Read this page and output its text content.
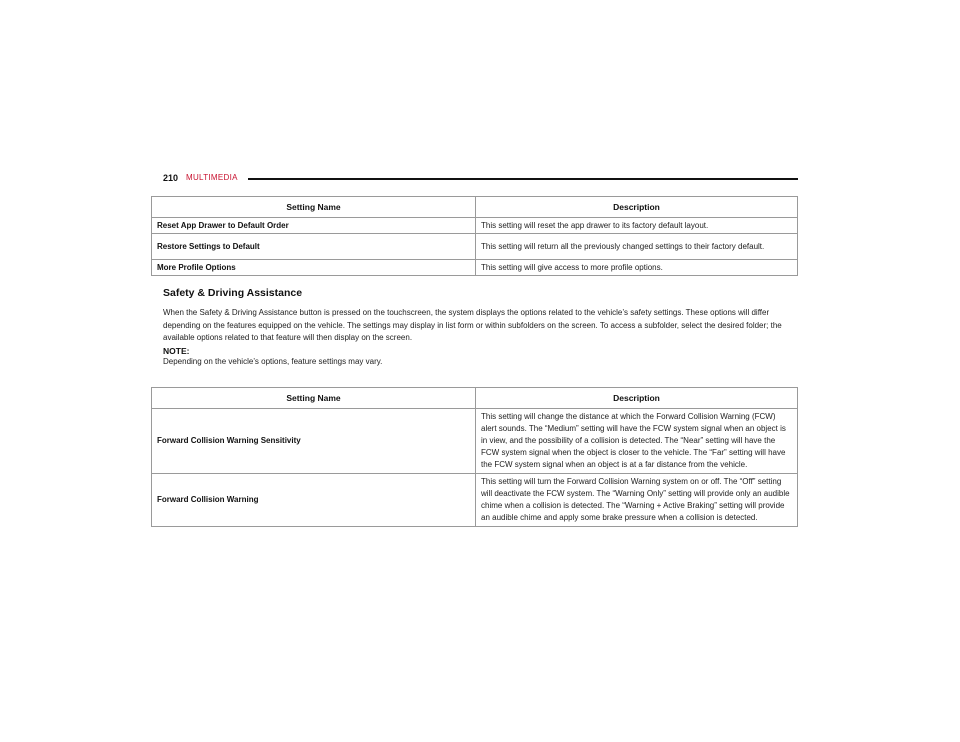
210 MULTIMEDIA
Setting Name	Description
Reset App Drawer to Default Order	This setting will reset the app drawer to its factory default layout.
Restore Settings to Default	This setting will return all the previously changed settings to their factory default.
More Profile Options	This setting will give access to more profile options.
Safety & Driving Assistance

When the Safety & Driving Assistance button is pressed on the touchscreen, the system displays the options related to the vehicle’s safety settings. These options will differ depending on the features equipped on the vehicle. The settings may display in list form or within subfolders on the screen. To access a subfolder, select the desired folder; the available options related to that feature will then display on the screen.

NOTE:
Depending on the vehicle’s options, feature settings may vary.
Setting Name	Description
Forward Collision Warning Sensitivity	This setting will change the distance at which the Forward Collision Warning (FCW) alert sounds. The “Medium” setting will have the FCW system signal when an object is in view, and the possibility of a collision is detected. The “Near” setting will have the FCW system signal when the object is closer to the vehicle. The “Far” setting will have the FCW system signal when an object is at a far distance from the vehicle.
Forward Collision Warning	This setting will turn the Forward Collision Warning system on or off. The “Off” setting will deactivate the FCW system. The “Warning Only” setting will provide only an audible chime when a collision is detected. The “Warning + Active Braking” setting will provide an audible chime and apply some brake pressure when a collision is detected.
